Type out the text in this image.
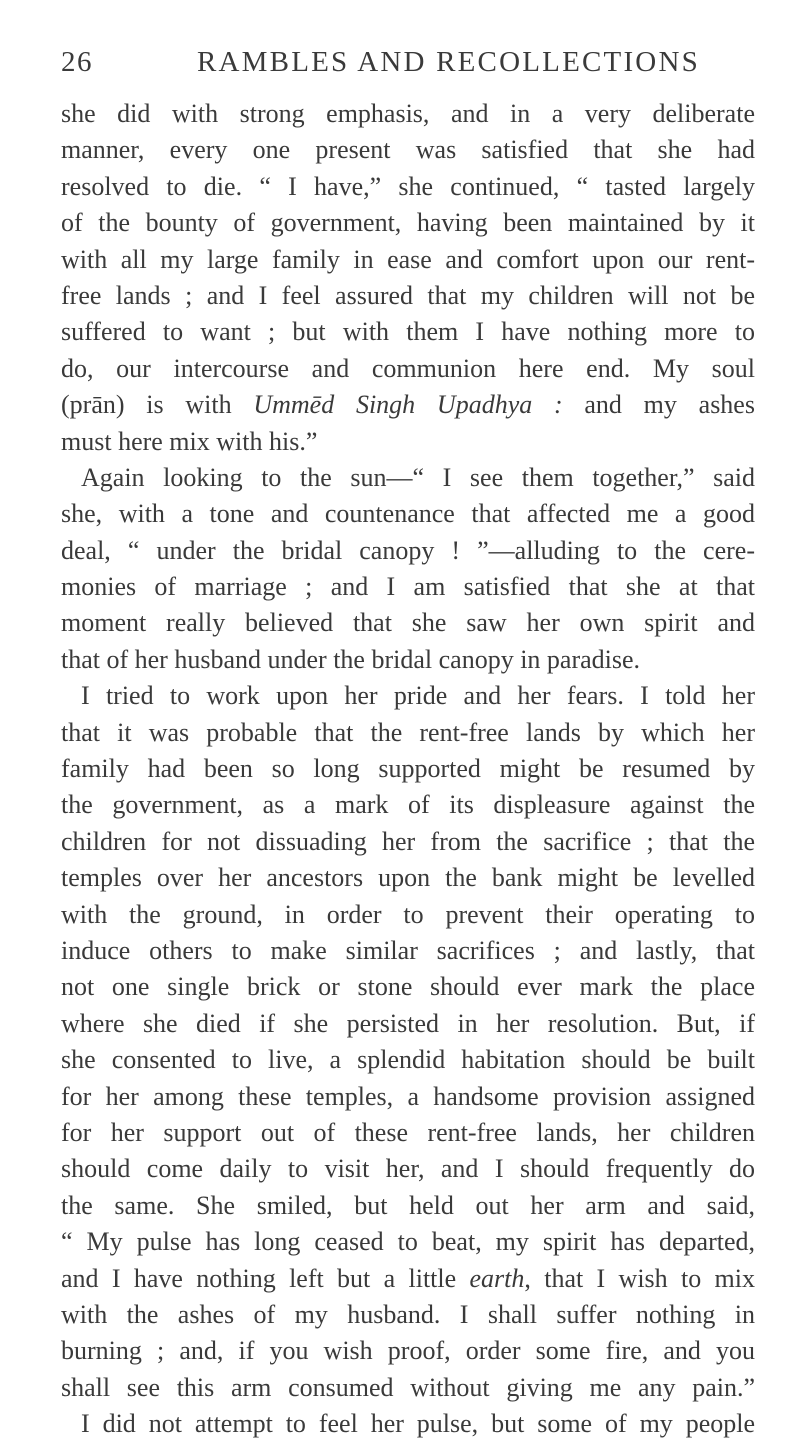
26	RAMBLES AND RECOLLECTIONS
she did with strong emphasis, and in a very deliberate
manner, every one present was satisfied that she had
resolved to die. “ I have,” she continued, “ tasted largely
of the bounty of government, having been maintained by it
with all my large family in ease and comfort upon our rent-
free lands ; and I feel assured that my children will not be
suffered to want ; but with them I have nothing more to
do, our intercourse and communion here end. My soul
(prān) is with Ummēd Singh Upadhya : and my ashes
must here mix with his.”
Again looking to the sun—“ I see them together,” said
she, with a tone and countenance that affected me a good
deal, “ under the bridal canopy ! ”—alluding to the cere-
monies of marriage ; and I am satisfied that she at that
moment really believed that she saw her own spirit and
that of her husband under the bridal canopy in paradise.
I tried to work upon her pride and her fears. I told her
that it was probable that the rent-free lands by which her
family had been so long supported might be resumed by
the government, as a mark of its displeasure against the
children for not dissuading her from the sacrifice ; that the
temples over her ancestors upon the bank might be levelled
with the ground, in order to prevent their operating to
induce others to make similar sacrifices ; and lastly, that
not one single brick or stone should ever mark the place
where she died if she persisted in her resolution. But, if
she consented to live, a splendid habitation should be built
for her among these temples, a handsome provision assigned
for her support out of these rent-free lands, her children
should come daily to visit her, and I should frequently do
the same. She smiled, but held out her arm and said,
“ My pulse has long ceased to beat, my spirit has departed,
and I have nothing left but a little earth, that I wish to mix
with the ashes of my husband. I shall suffer nothing in
burning ; and, if you wish proof, order some fire, and you
shall see this arm consumed without giving me any pain.”
I did not attempt to feel her pulse, but some of my people
